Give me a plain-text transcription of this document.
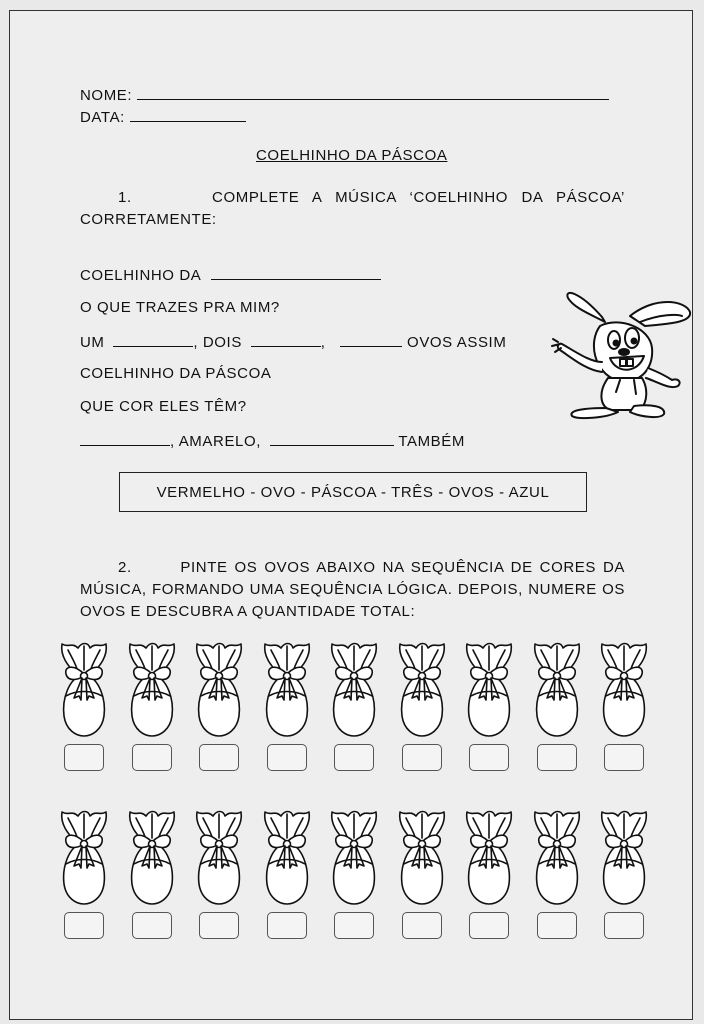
NOME:
DATA:
COELHINHO DA PÁSCOA
1.	COMPLETE A MÚSICA ‘COELHINHO DA PÁSCOA’ CORRETAMENTE:
COELHINHO DA
O QUE TRAZES PRA MIM?
UM	, DOIS	,	OVOS ASSIM
COELHINHO DA PÁSCOA
QUE COR ELES TÊM?
, AMARELO,	TAMBÉM
VERMELHO - OVO - PÁSCOA - TRÊS - OVOS - AZUL
2.	PINTE OS OVOS ABAIXO NA SEQUÊNCIA DE CORES DA MÚSICA, FORMANDO UMA SEQUÊNCIA LÓGICA. DEPOIS, NUMERE OS OVOS E DESCUBRA A QUANTIDADE TOTAL:
